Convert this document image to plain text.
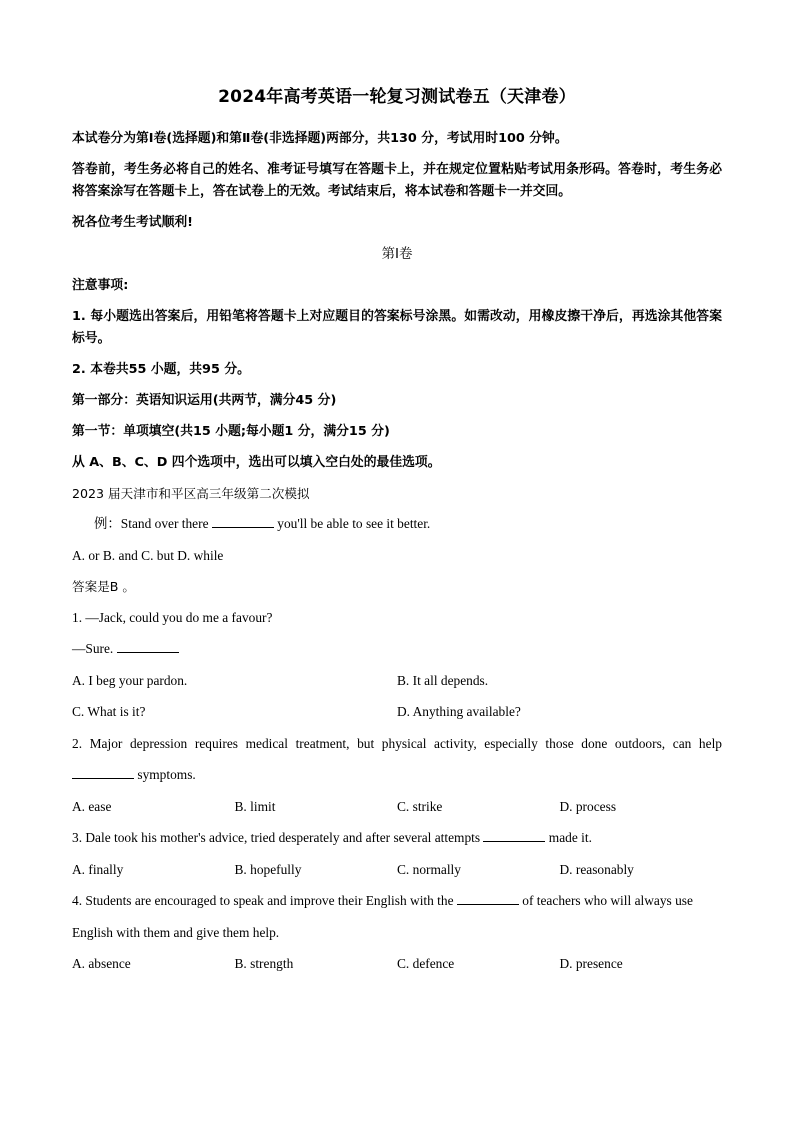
2024年高考英语一轮复习测试卷五（天津卷）

本试卷分为第Ⅰ卷(选择题)和第Ⅱ卷(非选择题)两部分，共130 分，考试用时100 分钟。

答卷前，考生务必将自己的姓名、准考证号填写在答题卡上，并在规定位置粘贴考试用条形码。答卷时，考生务必将答案涂写在答题卡上，答在试卷上的无效。考试结束后，将本试卷和答题卡一并交回。

祝各位考生考试顺利!

第Ⅰ卷

注意事项:

1. 每小题选出答案后，用铅笔将答题卡上对应题目的答案标号涂黑。如需改动，用橡皮擦干净后，再选涂其他答案标号。

2. 本卷共55 小题，共95 分。

第一部分：英语知识运用(共两节，满分45 分)

第一节：单项填空(共15 小题;每小题1 分，满分15 分)

从 A、B、C、D 四个选项中，选出可以填入空白处的最佳选项。

2023 届天津市和平区高三年级第二次模拟

例：Stand over there	you'll be able to see it better.

A. or B. and C. but D. while

答案是B 。

1. —Jack, could you do me a favour?

—Sure.

A. I beg your pardon.	B. It all depends.
C. What is it?	D. Anything available?

2. Major depression requires medical treatment, but physical activity, especially those done outdoors, can help

symptoms.

A. ease	B. limit	C. strike	D. process

3. Dale took his mother's advice, tried desperately and after several attempts	made it.

A. finally	B. hopefully	C. normally	D. reasonably

4. Students are encouraged to speak and improve their English with the	of teachers who will always use

English with them and give them help.

A. absence	B. strength	C. defence	D. presence
